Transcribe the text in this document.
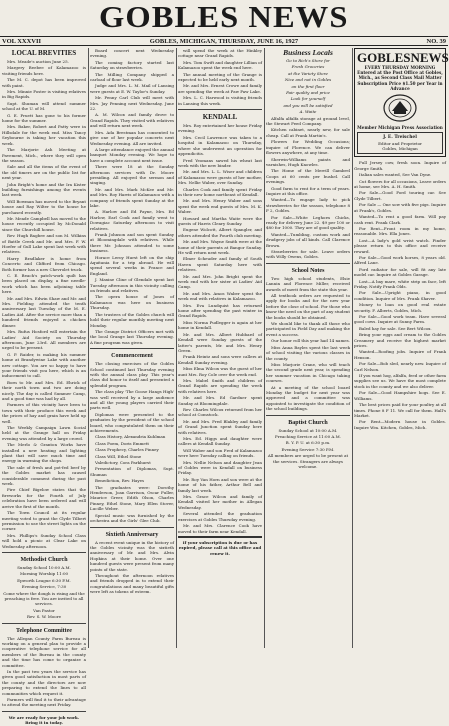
GOBLES NEWS
VOL XXXVII	GOBLES, MICHIGAN, THURSDAY, JUNE 16, 1927	NO. 39
LOCAL BREVITIES

Mrs. Meade's auction June 25.

Margery Beebee of Kalamazoo is visiting friends here.

The M. C. depot has been improved with paint.

Mrs. Minnie Foster is visiting relatives in Big Rapids.

Supt. Shuman will attend summer school at the U. of M.

G. E. Pruett has gone to his former home for the summer.

Mrs. Baker, Robert and Patty were in Hillsdale for the week end. Miss Tancy Seybourne is taking her vacation this week.

The Marjorie Ash Meeting at Pavement, Mich., where they will open the season.

Sale and all the items of the event of the old timers are on the public list for next year.

John Bright's home and the Ira Kister building furnishings among the events last week.

Will Bowman has moved to the Bryant house and Ray Wilter to the house he purchased recently.

Mr. Meade Campbell has moved to the house recently occupied by McDonald since the Churchill house.

Rev. Hugh Bagbee and son M. Wilkins of Battle Creek and Mr. and Mrs. F. W. Hoefer of Gull Lake spent last week with relatives.

Harry Bradlaker is home from Concerto and Clifford from Chicago. Both former has a new Chevrolet truck.

C. E. Beach's patch-work quilt has been placed on display, a fine needle-work which has been adjoining table here.

Mr. and Mrs. Edwin Shaw and Mr. and Mrs. Fielding attended the tenth anniversary last Tuesday of the M. E. Ladies Aid. After the service more than a hundred friends enjoyed a chicken dinner.

Mrs. Rufus Hosford will entertain the Ladies' Aid Society on Thursday afternoon, June 23rd. All members are urged to be present.

G. P. Raider, is making his summer home at Brandywine Lake with another new cottage. You are so happy to have your friends visit you here, which is an inducement to call.

Born to Mr. and Mrs. Ed. Ehrick of their north town and two are doing nicely. The day is called Summer Camp, and a good time was had by all.

Farmers of this vicinity have been to town with their produce this week and the prices of hay and grain have held up well.

The Weekly Campaign Lawn Social held at the Grange hall on Friday evening was attended by a large crowd.

The Merlo & Granton Works have installed a new heating and lighting plant that will save much time and energy in warming the shops.

The sale of fresh and pot-fed beef by the Gobles market has caused considerable comment during the past week.

Fire Chief Bigelow states that the fireworks for the Fourth of July celebration have been ordered and will arrive the first of the month.

The Town Council at its regular meeting voted to grant the Clyde Tilbert permission to use the street lights on the corner.

Mrs. Phillips's Sunday School Class will hold a picnic at Clear Lake on Wednesday afternoon.

Methodist Church

Sunday School 10:00 A.M.

Morning Worship 11:00

Epworth League 6:30 P.M.

Evening Service, 7:30

Come where the dough is rising and the preaching is free. You are invited to all services.

Van Pastor

Rev. S. W. Moore

Telephone Committee

The Allegan County Farm Bureau is working on a general plan to provide a cooperative telephone service for all members of the Bureau in the county and the time has come to organize a committee.

In the past two years the service has given good satisfaction in most parts of the county and the directors are now preparing to extend the lines to all communities which request it.

Farmers will find it to their advantage to attend the meeting next Friday.

We are ready for your job work. Bring it in today.

Board concert next Wednesday evening.

The coming factory started last Saturday on strawberries.

The Milling Company shipped a carload of flour last week.

Judge and Mrs. L. M. Mail of Lansing were guests at E. W. Taylor's Sunday.

Mr. Penny Carl Club will meet with Mrs. Jay Penning next Wednesday, June 22.

A. M. Wilcox and family drove to Grand Rapids. They visited with relatives and will return next week.

Mrs. Ada Brestman has consented to give one of her popular concerts next Wednesday evening. All are invited.

A large attendance enjoyed the annual banquet Monday evening. We hope to have a complete account next issue.

There were 18 at the Sunday afternoon services with Dr. Moore presiding. All enjoyed the sermon and singing.

Mr. and Mrs. Mark McKee and Mr. and Mrs. Roy Harris of Kalamazoo with a company of friends spent Sunday at the lake.

A. Harlow and Ed Payne, Mrs. Ed Harlow, Earl Cook and family went to Dowagiac Saturday afternoon to visit relatives.

Frank Johnson and son spent Sunday at Bloomingdale with relatives. While there Mr. Johnson attended to some business.

Horace Leroy Hurst left on the ship Aquitania for a trip abroad. He will spend several weeks in France and England.

J. Maxine Cline of Glendale spent last Tuesday afternoon in this vicinity calling on friends and relatives.

The opera house of Jones of Kalamazoo was here on business Thursday.

The trustees of the Gobles church will hold their regular monthly meeting next Monday.

The Grange District Officers met with the local Grange last Thursday evening. A fine program was given.

Commencement

The closing exercises of the Gobles School continued last Thursday evening with the annual class play. This year's class did honor to itself and presented a splendid program.

The class play 'The Goose Hangs High' was well received by a large audience and all the young players carried their parts well.

Diplomas were presented to the graduates by the president of the school board, who congratulated them on their achievements.

Class History, Alexandria Kuhlman

Class Poem, Doris Emmett

Class Prophecy, Charles Pinney

Class Will, Ethel Stone

Valedictory, Cora Parkhurst

Presentation of Diplomas, Supt. Shuman

Benediction, Rev. Hayes

The graduates were: Dorothy Henderson, Joan Garrison, Oscar Fuller, Maurice Greer, Edith Olson, Charles Pinney, Ethel Stone, Mary Ellen Stover, Lucille Weber.

Special music was furnished by the orchestra and the Girls' Glee Club.

Sixtieth Anniversary

A recent event unique in the history of the Gobles vicinity was the sixtieth anniversary of Mr. and Mrs. Alvin Hopkins at their home. Over one hundred guests were present from many points of the state.

Throughout the afternoon relatives and friends dropped in to extend their congratulations and many beautiful gifts were left as tokens of esteem.

will spend the week at the Hinkley cottage near Grand Rapids.

Mrs. Tom Swift and daughter Lillian of Kalamazoo spent the week end here.

The annual meeting of the Grange is expected to be held early next month.

Mr. and Mrs. Ernest Crowe and family are spending the week at Paw Paw Lake.

Mrs. L. C. Harwood is visiting friends in Lansing this week.

KENDALL

Mrs. Roy entertained her house Friday evening.

Mrs. Cecil Lawrence was taken to a hospital in Kalamazoo on Thursday, where she underwent an operation for appendicitis.

Fred Yeomans sawed his wheat last week with the new binder.

Mr. and Mrs. L. L. Wiser and children of Kalamazoo were guests of her mother, Mrs. Nellie Waber, over Sunday.

Charles Cook and family spent Friday in their new home northeast of Kendall.

Mr. and Mrs. Henry Waber and sons spent the week end guests of Mrs. M. K. Waber.

Howard and Martha Waite were the guests of Harris Cleary Sunday.

Eugene Wolcott, Albert Spangler, and others attended the Fourth club meeting.

Mr. and Mrs. Wayne Smith were at the home of their parents at Bangor Sunday. He will return next week.

Elmer Scheuder and family of South Haven spent Saturday here with relatives.

Mr. and Mrs. John Bright spent the week end with her sister at Ladies' Aid Camp.

Mr. and Mrs. Amos Waber spent the week end with relatives in Kalamazoo.

Mrs. Eva Lundquist has returned home after spending the past winter in Grand Rapids.

Miss Norma Pudlegger is again at her home in Kendall.

Mr. and Mrs. Albert Hubbard of Kendall were Sunday guests of the latter's parents, Mr. and Mrs. Henry Green.

Frank Heintz and sons were callers at Kendall Sunday evening.

Miss Elma Wilcox was the guest of her aunt Mrs. Roy Cole over the week end.

Mrs. Mabel Smith and children of Grand Rapids are spending the week with relatives here.

Mr. and Mrs. Ed Gardner spent Sunday at Bloomingdale.

Rev. Charles Wilcox returned from her school at Comstock.

Mr. and Mrs. Fred Blakley and family of Grand Junction spent Sunday here with relatives.

Mrs. Ed. Higgs and daughter were callers at Kendall Sunday.

Will Waber and son Fred of Kalamazoo were here Tuesday calling on friends.

Mrs. Nellie Nelson and daughter Jean of Gobles were in Kendall on business Friday.

Mr. Roy Van Horn and son were at the home of his father, Arthur Bell and family last week.

Mrs. Grace Wilcox and family of Kendall visited her mother in Allegan Wednesday.

Several attended the graduation exercises at Gobles Thursday evening.

Mr. and Mrs. Clarence Cook have moved to their farm near Kendall.

If your subscription is due or has expired, please call at this office and renew it.

Business Locals

Go to Rich's Store for

Fresh Groceries

at the Variety Store

Nice and not in Gobles

on the first floor

Fair quality and price

Look for yourself

and you will be satisfied

A. Waite

Alfalfa alfalfa storage at ground level, the Stewart Feed Company.

Kitchen cabinet, nearly new, for sale cheap. Call at Frank Martin's.

Flowers for Wedding Occasions; inquire of Florence. We can deliver flowers anywhere, at any time.

Sherwin-Williams paints and varnishes, Hugh Knowles.

The Home of the Merrill Gambrel Coops at 60 cents per bushel. Call evenings.

Good farm to rent for a term of years. Inquire at this office.

Wanted—To engage lady to pick strawberries for the season, telephone 8 F 2, Gobles.

For Sale—White Leghorn Chicks, ready for delivery June 22. $9 per 100 or $80 for 1000. They are of good quality.

Wanted—Tumbling, custom work and drudgery jobs of all kinds. Call Clarence Brown.

Strawberries for sale. Leave orders with Willy Owens, Gobles.

School Notes

Two high school students, Elsie Lannin and Florence Miller, received awards of merit from the state this year.

All textbook orders are requested to apply for books and for the new year before the close of school. For those who know the need on the part of any student the books should be obtained.

We should like to thank all those who participated in Field Day and making the event a success.

Our honor roll this year had 14 names.

Miss Anna Bayles spent the last week of school visiting the various classes in the county.

Miss Marjorie Crane, who will teach the second grade next year, is spending her summer vacation in Chicago taking courses.

At a meeting of the school board Monday the budget for next year was approved and a committee was appointed to investigate the condition of the school buildings.

Baptist Church

Sunday School at 10:00 A.M.

Preaching Service at 11:00 A.M.

B. Y. P. U. at 6:30 p.m.

Evening Service 7:30 P.M.

All members are urged to be present at the services. Strangers are always welcome.

GOBLESNEWS
EVERY THURSDAY MORNING
Entered at the Post Office at Gobles, Mich., as Second Class Mail Matter
Subscription Price $1.50 per Year in Advance
Member Michigan Press Association
J. E. Treischel
Editor and Proprietor
Gobles, Michigan

Full Jersey cow, fresh soon. Inquire of George Smith.

Italian sales wanted, See Van Dyne.

Cut flowers for all occasions, Leave orders at home, see Mrs. A. H. Smith.

For Sale—Good Ford touring car. See Clyde Tilbert.

For Sale — One sow with five pigs. Inquire at Frank's, Gobles.

Wanted—To rent a good farm. Will pay cash rent. Frank Clark.

For Rent—Front room in my home, reasonable. Mrs. Ella Jones.

Lost—A lady's gold wrist watch. Finder please return to this office and receive reward.

For Sale—Good work horses, 8 years old. Alfred Lane.

Ford radiator for sale, will fit any late model car. Inquire at Gobles Garage.

Lost—A bay mare, white strip on face, left Friday. Notify Frank Olds.

For Sale—Upright piano, in good condition. Inquire of Mrs. Frank Shaver.

Money to loan on good real estate security. F. Alberts, Gobles, Mich.

For Sale—Good work team. Have several good cows. Inquire at Sunny Farm.

Baled hay for sale. See Bert Wilcox.

Bring your eggs and cream to the Gobles Creamery and receive the highest market prices.

Wanted—Roofing jobs. Inquire of Frank Henson.

For Sale—Bob sled, nearly new. Inquire of Carl Nelson.

If you want hog, alfalfa, feed or other farm supplies see us. We have the most complete stock in the county and we also deliver.

For Sale—Good Hampshire hogs. See E. Williams.

The best prices paid for your poultry at all times. Phone 8 F 11. We call for them. Hall's Market.

For Rent—Modern house in Gobles. Inquire Wm. Kitchen, Gobles, Mich.
